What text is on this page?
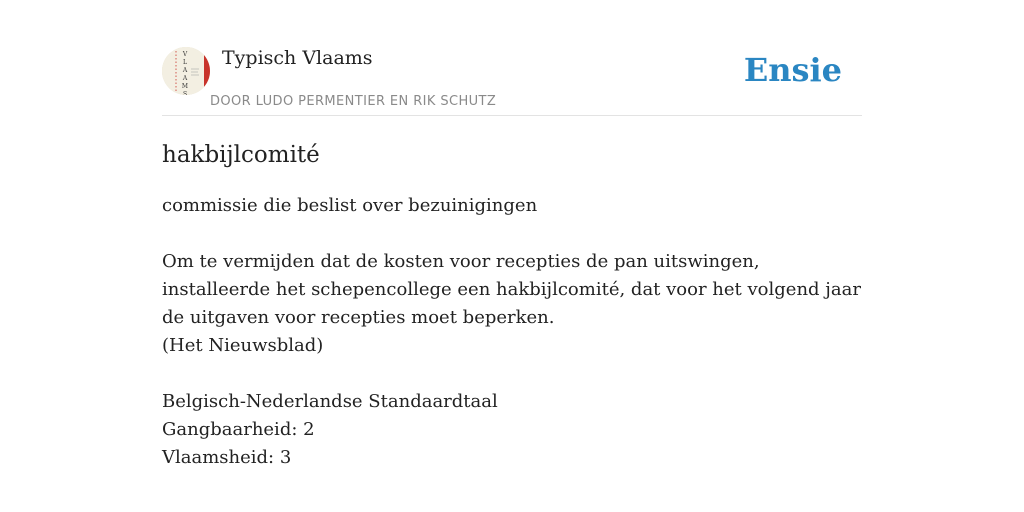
V
L
A
A
M
S
Typisch Vlaams
DOOR LUDO PERMENTIER EN RIK SCHUTZ
Ensie
hakbijlcomité
commissie die beslist over bezuinigingen
Om te vermijden dat de kosten voor recepties de pan uitswingen, installeerde het schepencollege een hakbijlcomité, dat voor het volgend jaar de uitgaven voor recepties moet beperken.
(Het Nieuwsblad)
Belgisch-Nederlandse Standaardtaal
Gangbaarheid: 2
Vlaamsheid: 3
